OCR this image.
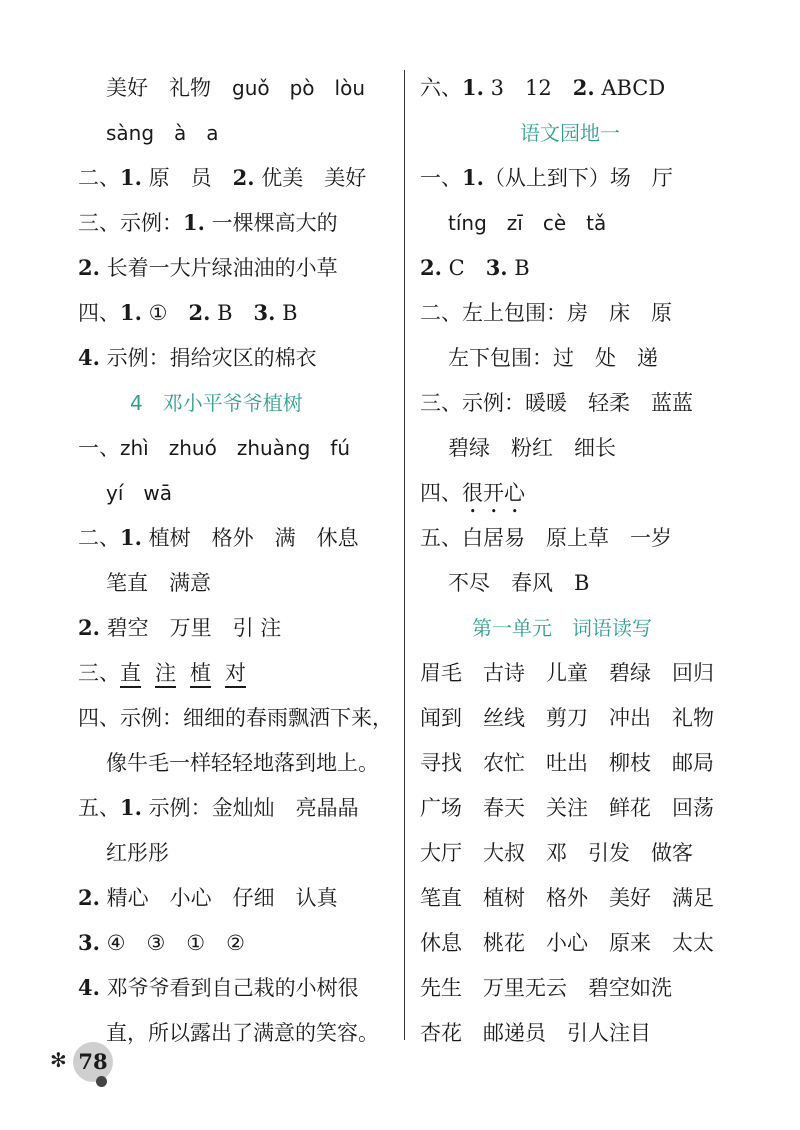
美好　礼物　guǒ　pò　lòu
sàng　à　a
二、1. 原　员　2. 优美　美好
三、示例：1. 一棵棵高大的
2. 长着一大片绿油油的小草
四、1. ①　2. B　3. B
4. 示例：捐给灾区的棉衣
4　邓小平爷爷植树
一、zhì　zhuó　zhuàng　fú
yí　wā
二、1. 植树　格外　满　休息
笔直　满意
2. 碧空　万里　引 注
三、直 注 植 对
四、示例：细细的春雨飘洒下来，
像牛毛一样轻轻地落到地上。
五、1. 示例：金灿灿　亮晶晶
红彤彤
2. 精心　小心　仔细　认真
3. ④　③　①　②
4. 邓爷爷看到自己栽的小树很
直，所以露出了满意的笑容。
六、1. 3　12　2. ABCD
语文园地一
一、1.（从上到下）场　厅
tíng　zī　cè　tǎ
2. C　3. B
二、左上包围：房　床　原
左下包围：过　处　递
三、示例：暖暖　轻柔　蓝蓝
碧绿　粉红　细长
四、很开心
五、白居易　原上草　一岁
不尽　春风　B
第一单元　词语读写
眉毛　古诗　儿童　碧绿　回归
闻到　丝线　剪刀　冲出　礼物
寻找　农忙　吐出　柳枝　邮局
广场　春天　关注　鲜花　回荡
大厅　大叔　邓　引发　做客
笔直　植树　格外　美好　满足
休息　桃花　小心　原来　太太
先生　万里无云　碧空如洗
杏花　邮递员　引人注目
✻ 78
